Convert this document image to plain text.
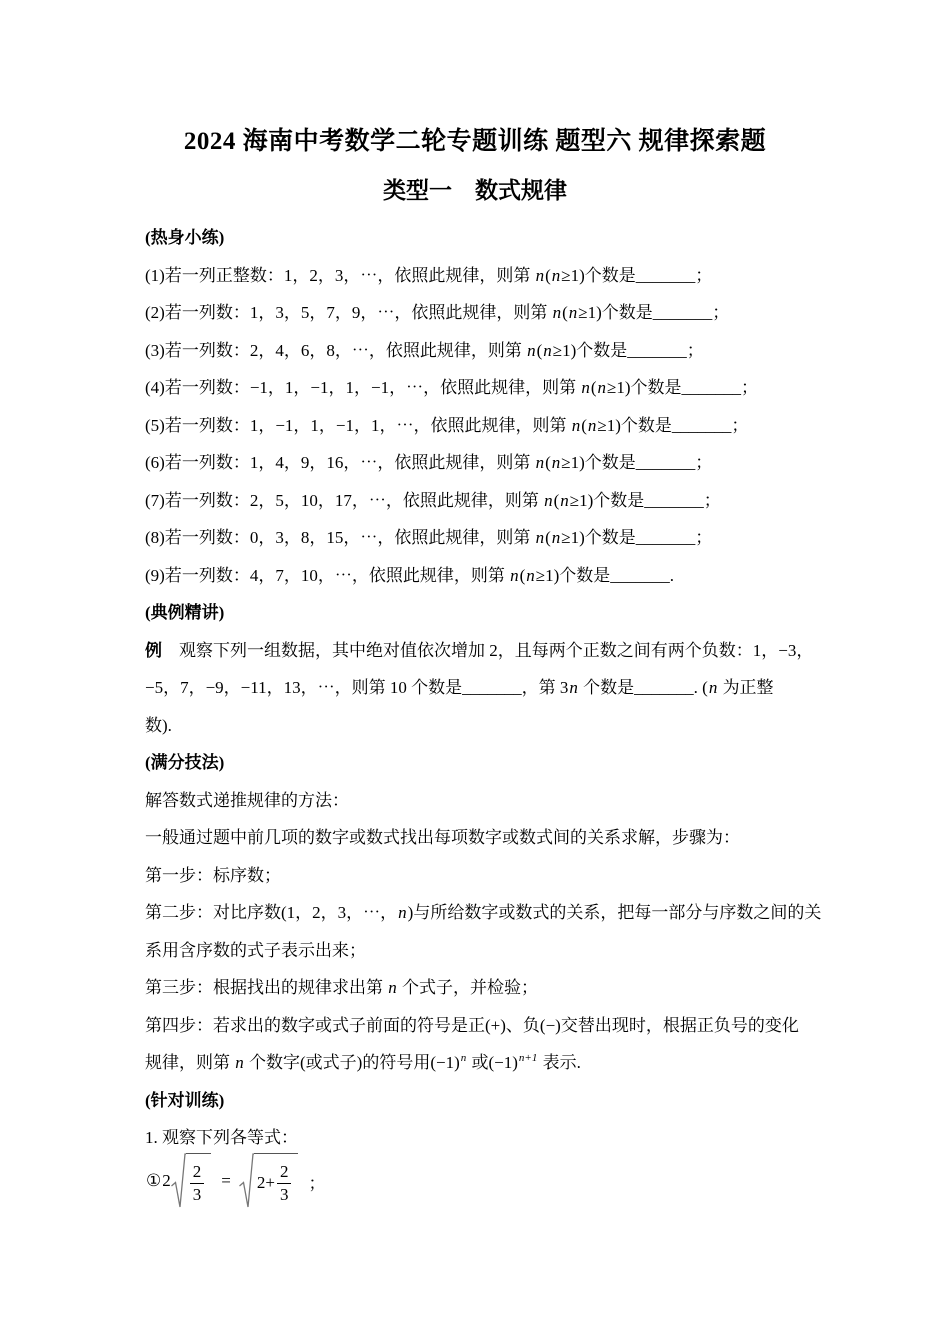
2024 海南中考数学二轮专题训练 题型六 规律探索题
类型一　数式规律
(热身小练)
(1)若一列正整数：1，2，3，⋯，依照此规律，则第 n(n≥1)个数是_______；
(2)若一列数：1，3，5，7，9，⋯，依照此规律，则第 n(n≥1)个数是_______；
(3)若一列数：2，4，6，8，⋯，依照此规律，则第 n(n≥1)个数是_______；
(4)若一列数：−1，1，−1，1，−1，⋯，依照此规律，则第 n(n≥1)个数是_______；
(5)若一列数：1，−1，1，−1，1，⋯，依照此规律，则第 n(n≥1)个数是_______；
(6)若一列数：1，4，9，16，⋯，依照此规律，则第 n(n≥1)个数是_______；
(7)若一列数：2，5，10，17，⋯，依照此规律，则第 n(n≥1)个数是_______；
(8)若一列数：0，3，8，15，⋯，依照此规律，则第 n(n≥1)个数是_______；
(9)若一列数：4，7，10，⋯，依照此规律，则第 n(n≥1)个数是_______.
(典例精讲)
例　观察下列一组数据，其中绝对值依次增加 2，且每两个正数之间有两个负数：1，−3，
−5，7，−9，−11，13，⋯，则第 10 个数是_______，第 3n 个数是_______. (n 为正整
数).
(满分技法)
解答数式递推规律的方法：
一般通过题中前几项的数字或数式找出每项数字或数式间的关系求解，步骤为：
第一步：标序数；
第二步：对比序数(1，2，3，⋯，n)与所给数字或数式的关系，把每一部分与序数之间的关
系用含序数的式子表示出来；
第三步：根据找出的规律求出第 n 个式子，并检验；
第四步：若求出的数字或式子前面的符号是正(+)、负(−)交替出现时，根据正负号的变化
规律，则第 n 个数字(或式子)的符号用$(-1)^n$ 或$(-1)^{n+1}$ 表示.
(针对训练)
1. 观察下列各等式：
① $2 \frac{2}{3} = 2+ \frac{2}{3}$ ；
